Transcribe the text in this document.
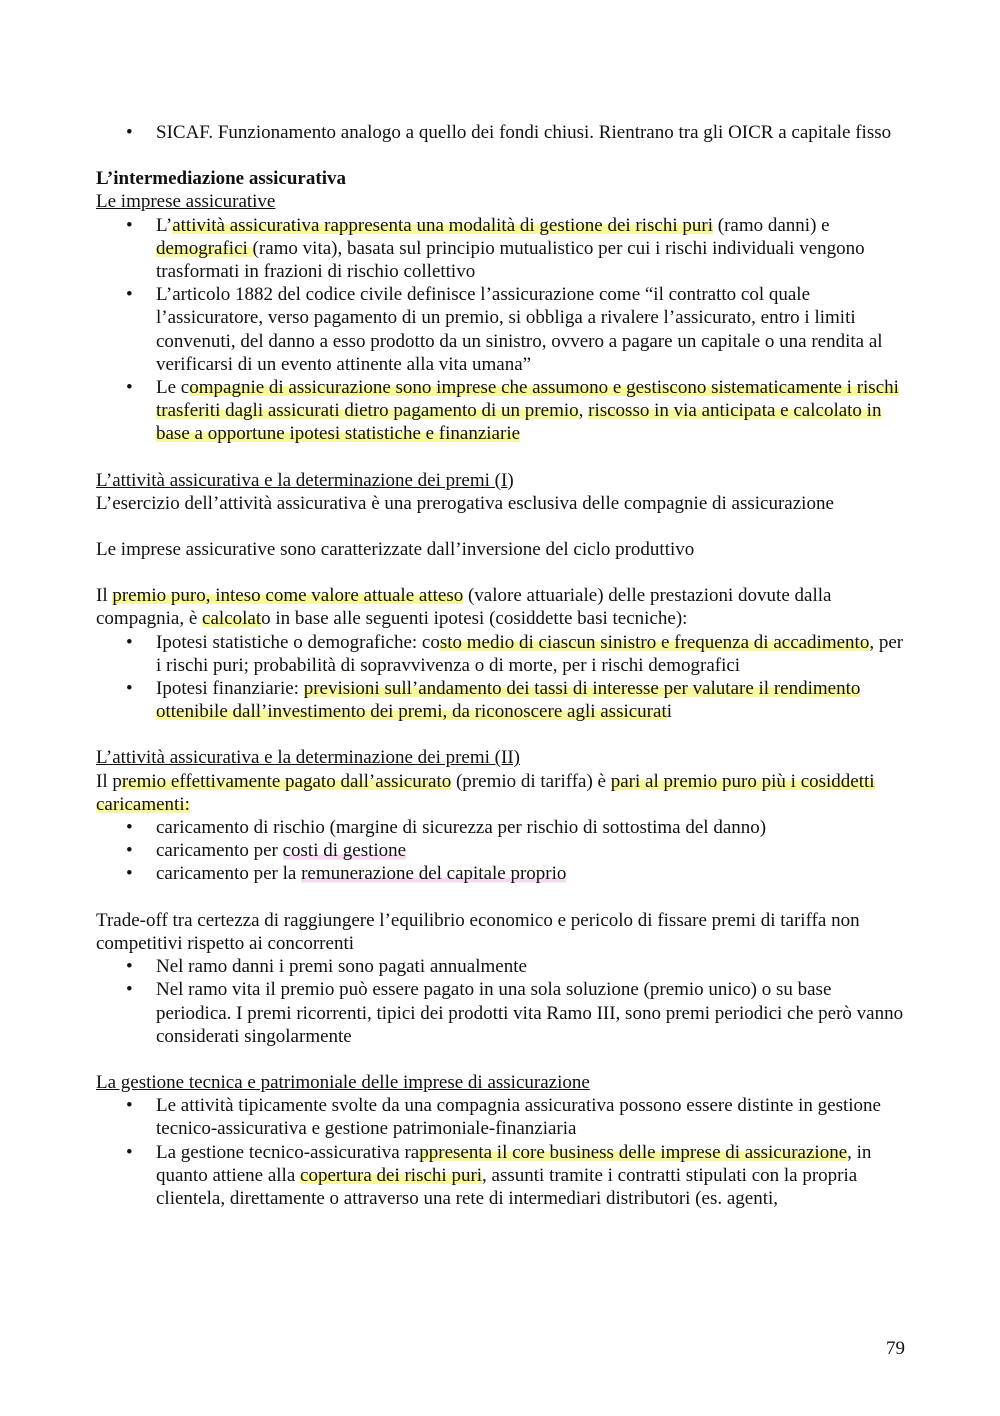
• SICAF. Funzionamento analogo a quello dei fondi chiusi. Rientrano tra gli OICR a capitale fisso

L’intermediazione assicurativa

Le imprese assicurative

• L’attività assicurativa rappresenta una modalità di gestione dei rischi puri (ramo danni) e demografici (ramo vita), basata sul principio mutualistico per cui i rischi individuali vengono trasformati in frazioni di rischio collettivo
• L’articolo 1882 del codice civile definisce l’assicurazione come “il contratto col quale l’assicuratore, verso pagamento di un premio, si obbliga a rivalere l’assicurato, entro i limiti convenuti, del danno a esso prodotto da un sinistro, ovvero a pagare un capitale o una rendita al verificarsi di un evento attinente alla vita umana”
• Le compagnie di assicurazione sono imprese che assumono e gestiscono sistematicamente i rischi trasferiti dagli assicurati dietro pagamento di un premio, riscosso in via anticipata e calcolato in base a opportune ipotesi statistiche e finanziarie

L’attività assicurativa e la determinazione dei premi (I)

L’esercizio dell’attività assicurativa è una prerogativa esclusiva delle compagnie di assicurazione

Le imprese assicurative sono caratterizzate dall’inversione del ciclo produttivo

Il premio puro, inteso come valore attuale atteso (valore attuariale) delle prestazioni dovute dalla compagnia, è calcolato in base alle seguenti ipotesi (cosiddette basi tecniche):

• Ipotesi statistiche o demografiche: costo medio di ciascun sinistro e frequenza di accadimento, per i rischi puri; probabilità di sopravvivenza o di morte, per i rischi demografici
• Ipotesi finanziarie: previsioni sull’andamento dei tassi di interesse per valutare il rendimento ottenibile dall’investimento dei premi, da riconoscere agli assicurati

L’attività assicurativa e la determinazione dei premi (II)

Il premio effettivamente pagato dall’assicurato (premio di tariffa) è pari al premio puro più i cosiddetti caricamenti:

• caricamento di rischio (margine di sicurezza per rischio di sottostima del danno)
• caricamento per costi di gestione
• caricamento per la remunerazione del capitale proprio

Trade-off tra certezza di raggiungere l’equilibrio economico e pericolo di fissare premi di tariffa non competitivi rispetto ai concorrenti

• Nel ramo danni i premi sono pagati annualmente
• Nel ramo vita il premio può essere pagato in una sola soluzione (premio unico) o su base periodica. I premi ricorrenti, tipici dei prodotti vita Ramo III, sono premi periodici che però vanno considerati singolarmente

La gestione tecnica e patrimoniale delle imprese di assicurazione

• Le attività tipicamente svolte da una compagnia assicurativa possono essere distinte in gestione tecnico-assicurativa e gestione patrimoniale-finanziaria
• La gestione tecnico-assicurativa rappresenta il core business delle imprese di assicurazione, in quanto attiene alla copertura dei rischi puri, assunti tramite i contratti stipulati con la propria clientela, direttamente o attraverso una rete di intermediari distributori (es. agenti,
79
